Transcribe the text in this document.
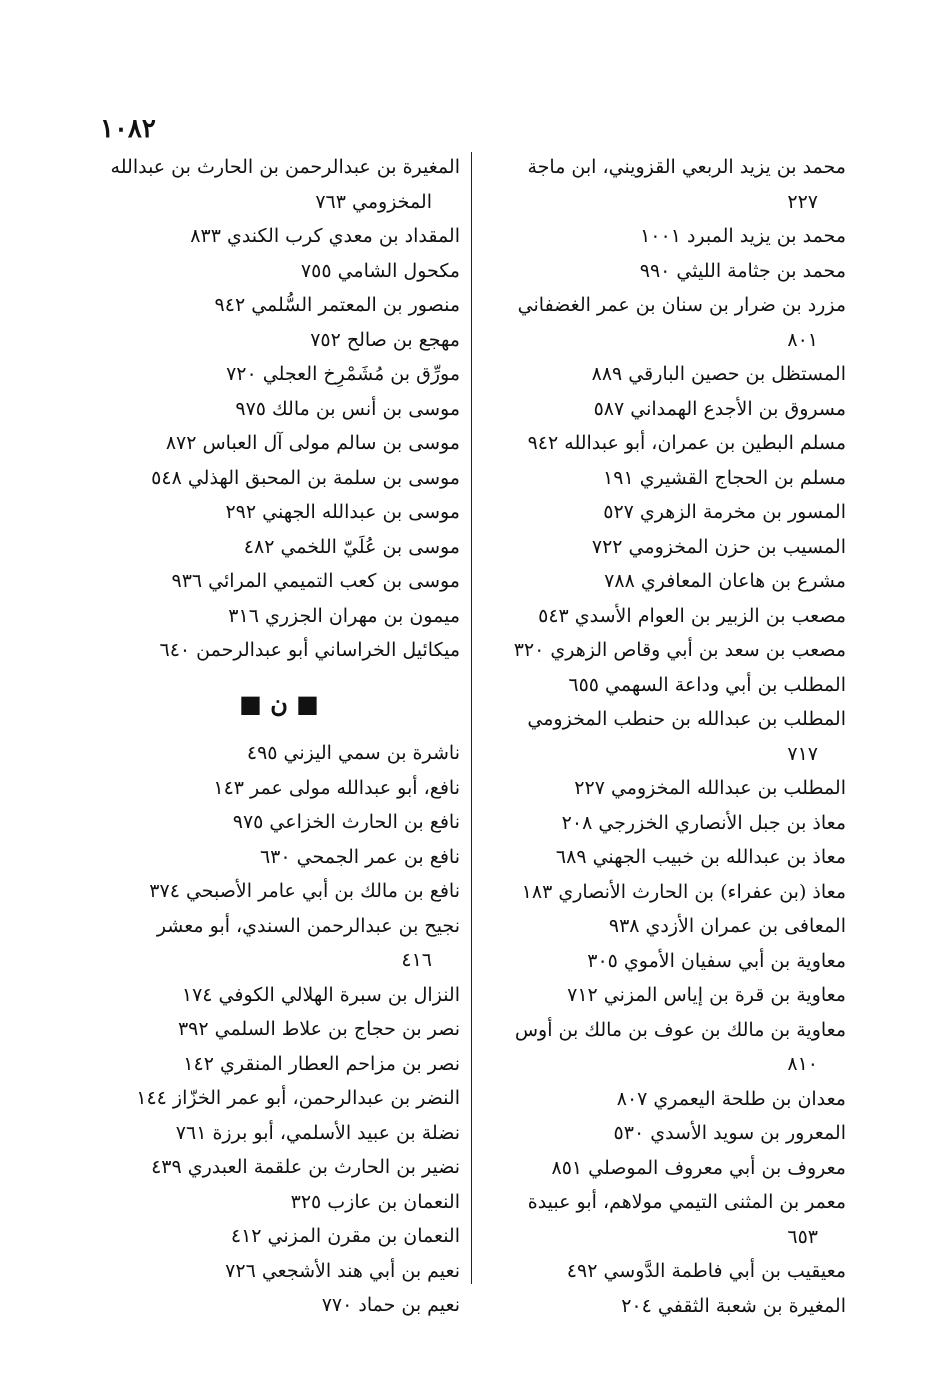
١٠٨٢
محمد بن يزيد الربعي القزويني، ابن ماجة
٢٢٧
محمد بن يزيد المبرد ١٠٠١
محمد بن جثامة الليثي ٩٩٠
مزرد بن ضرار بن سنان بن عمر الغضفاني
٨٠١
المستظل بن حصين البارقي ٨٨٩
مسروق بن الأجدع الهمداني ٥٨٧
مسلم البطين بن عمران، أبو عبدالله ٩٤٢
مسلم بن الحجاج القشيري ١٩١
المسور بن مخرمة الزهري ٥٢٧
المسيب بن حزن المخزومي ٧٢٢
مشرع بن هاعان المعافري ٧٨٨
مصعب بن الزبير بن العوام الأسدي ٥٤٣
مصعب بن سعد بن أبي وقاص الزهري ٣٢٠
المطلب بن أبي وداعة السهمي ٦٥٥
المطلب بن عبدالله بن حنطب المخزومي
٧١٧
المطلب بن عبدالله المخزومي ٢٢٧
معاذ بن جبل الأنصاري الخزرجي ٢٠٨
معاذ بن عبدالله بن خبيب الجهني ٦٨٩
معاذ (بن عفراء) بن الحارث الأنصاري ١٨٣
المعافى بن عمران الأزدي ٩٣٨
معاوية بن أبي سفيان الأموي ٣٠٥
معاوية بن قرة بن إياس المزني ٧١٢
معاوية بن مالك بن عوف بن مالك بن أوس
٨١٠
معدان بن طلحة اليعمري ٨٠٧
المعرور بن سويد الأسدي ٥٣٠
معروف بن أبي معروف الموصلي ٨٥١
معمر بن المثنى التيمي مولاهم، أبو عبيدة
٦٥٣
معيقيب بن أبي فاطمة الدَّوسي ٤٩٢
المغيرة بن شعبة الثقفي ٢٠٤
المغيرة بن عبدالرحمن بن الحارث بن عبدالله
المخزومي ٧٦٣
المقداد بن معدي كرب الكندي ٨٣٣
مكحول الشامي ٧٥٥
منصور بن المعتمر السُّلمي ٩٤٢
مهجع بن صالح ٧٥٢
مورِّق بن مُشَمْرِخ العجلي ٧٢٠
موسى بن أنس بن مالك ٩٧٥
موسى بن سالم مولى آل العباس ٨٧٢
موسى بن سلمة بن المحبق الهذلي ٥٤٨
موسى بن عبدالله الجهني ٢٩٢
موسى بن عُلَيّ اللخمي ٤٨٢
موسى بن كعب التميمي المرائي ٩٣٦
ميمون بن مهران الجزري ٣١٦
ميكائيل الخراساني أبو عبدالرحمن ٦٤٠
■ ن ■
ناشرة بن سمي اليزني ٤٩٥
نافع، أبو عبدالله مولى عمر ١٤٣
نافع بن الحارث الخزاعي ٩٧٥
نافع بن عمر الجمحي ٦٣٠
نافع بن مالك بن أبي عامر الأصبحي ٣٧٤
نجيح بن عبدالرحمن السندي، أبو معشر
٤١٦
النزال بن سبرة الهلالي الكوفي ١٧٤
نصر بن حجاج بن علاط السلمي ٣٩٢
نصر بن مزاحم العطار المنقري ١٤٢
النضر بن عبدالرحمن، أبو عمر الخزّاز ١٤٤
نضلة بن عبيد الأسلمي، أبو برزة ٧٦١
نضير بن الحارث بن علقمة العبدري ٤٣٩
النعمان بن عازب ٣٢٥
النعمان بن مقرن المزني ٤١٢
نعيم بن أبي هند الأشجعي ٧٢٦
نعيم بن حماد ٧٧٠
